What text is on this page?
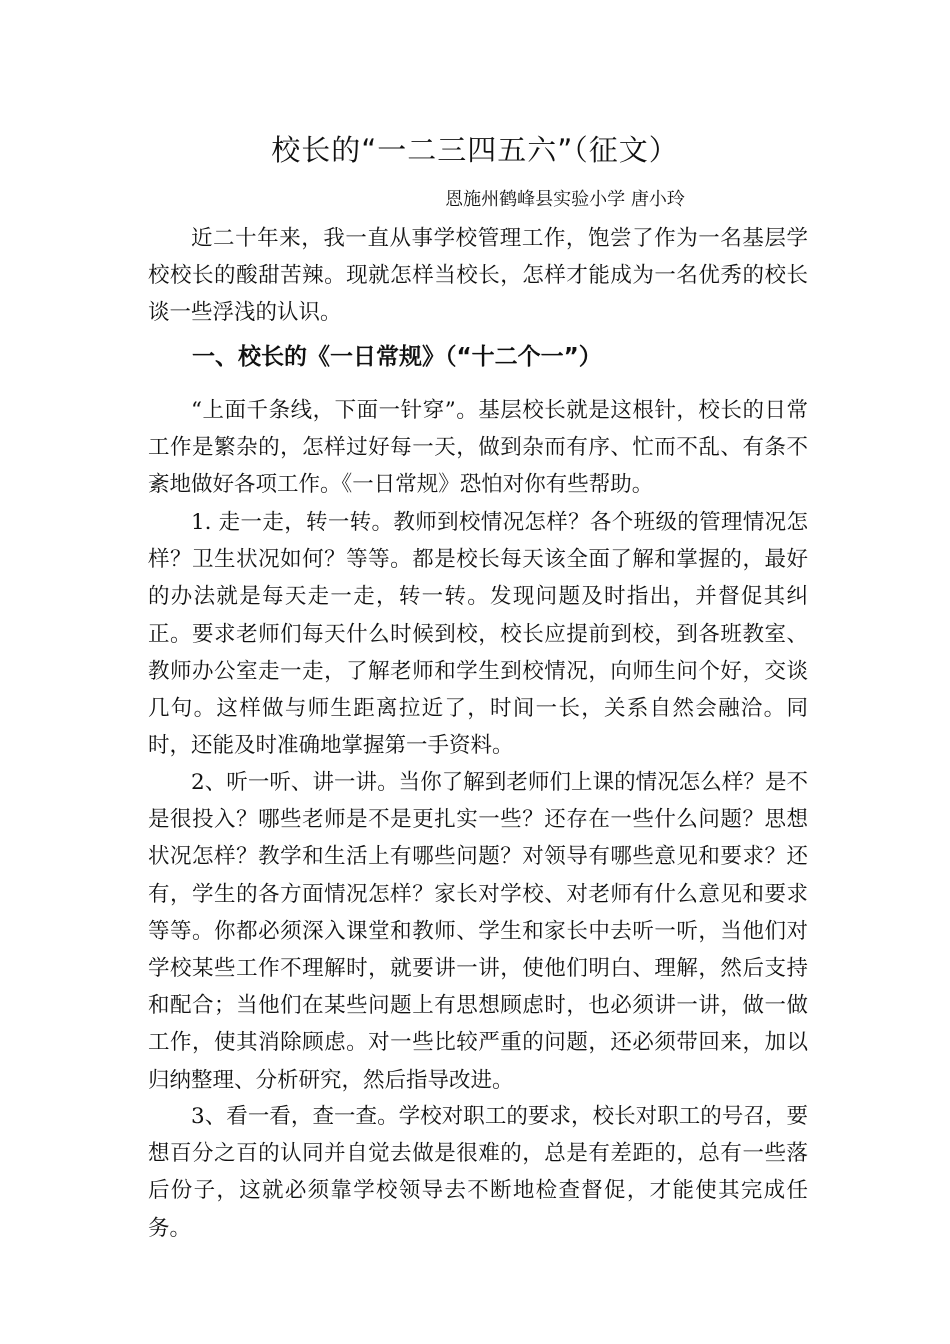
校长的“一二三四五六”（征文）
恩施州鹤峰县实验小学 唐小玲

近二十年来，我一直从事学校管理工作，饱尝了作为一名基层学校校长的酸甜苦辣。现就怎样当校长，怎样才能成为一名优秀的校长谈一些浮浅的认识。

一、校长的《一日常规》（“十二个一”）

“上面千条线，下面一针穿”。基层校长就是这根针，校长的日常工作是繁杂的，怎样过好每一天，做到杂而有序、忙而不乱、有条不紊地做好各项工作。《一日常规》恐怕对你有些帮助。

1. 走一走，转一转。教师到校情况怎样？各个班级的管理情况怎样？卫生状况如何？等等。都是校长每天该全面了解和掌握的，最好的办法就是每天走一走，转一转。发现问题及时指出，并督促其纠正。要求老师们每天什么时候到校，校长应提前到校，到各班教室、教师办公室走一走，了解老师和学生到校情况，向师生问个好，交谈几句。这样做与师生距离拉近了，时间一长，关系自然会融洽。同时，还能及时准确地掌握第一手资料。

2、听一听、讲一讲。当你了解到老师们上课的情况怎么样？是不是很投入？哪些老师是不是更扎实一些？还存在一些什么问题？思想状况怎样？教学和生活上有哪些问题？对领导有哪些意见和要求？还有，学生的各方面情况怎样？家长对学校、对老师有什么意见和要求等等。你都必须深入课堂和教师、学生和家长中去听一听，当他们对学校某些工作不理解时，就要讲一讲，使他们明白、理解，然后支持和配合；当他们在某些问题上有思想顾虑时，也必须讲一讲，做一做工作，使其消除顾虑。对一些比较严重的问题，还必须带回来，加以归纳整理、分析研究，然后指导改进。

3、看一看，查一查。学校对职工的要求，校长对职工的号召，要想百分之百的认同并自觉去做是很难的，总是有差距的，总有一些落后份子，这就必须靠学校领导去不断地检查督促，才能使其完成任务。
